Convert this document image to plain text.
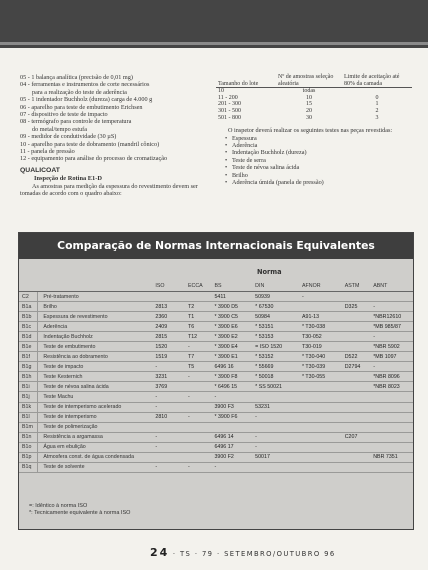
05 - 1 balança analítica (precisão de 0,01 mg)
04 - ferramentas e instrumentos de corte necessários
para a realização do teste de aderência
05 - 1 indentador Buchholz (dureza) carga de 4.000 g
06 - aparelho para teste de embutimento Erichsen
07 - dispositivo de teste de impacto
08 - termógrafo para controle de temperatura
do metal/tempo estufa
09 - medidor de condutividade (30 µS)
10 - aparelho para teste de dobramento (mandril cônico)
11 - panela de pressão
12 - equipamento para análise do processo de cromatização
QUALICOAT
Inspeção de Rotina E1-D
As amostras para medição da espessura do revestimento devem ser tomadas de acordo com o quadro abaixo:
Tamanho do lote	Nº de amostras seleção aleatória	Limite de aceitação até 80% da camada
10	todas	
11 - 200	10	0
201 - 300	15	1
301 - 500	20	2
501 - 800	30	3
O inspetor deverá realizar os seguintes testes nas peças revestidas:
• Espessura
• Aderência
• Indentação Buchholz (dureza)
• Teste de serra
• Teste de névoa salina ácida
• Brilho
• Aderência úmida (panela de pressão)
Comparação de Normas Internacionais Equivalentes
Norma
		ISO	ECCA	BS	DIN	AFNOR	ASTM	ABNT
C2	Pré-tratamento			5411	50939	-		
B1a	Brilho	2813	T2	* 3900 D5	* 67530		D325	-
B1b	Espessura de revestimento	2360	T1	* 3900 C5	50984	A91-13		*NBR12610
B1c	Aderência	2409	T6	* 3900 E6	* 53151	* T30-038		*MB 985/87
B1d	Indentação Buchholz	2815	T12	* 3900 E2	* 53153	T30-052		-
B1e	Teste de embutimento	1520	-	* 3900 E4	= ISO 1520	T30-019		*NBR 5902
B1f	Resistência ao dobramento	1519	T7	* 3900 E1	* 53152	* T30-040	D522	*MB 1097
B1g	Teste de impacto	-	T5	6496 16	* 55669	* T30-039	D2794	-
B1h	Teste Kesternich	3231	-	* 3900 F8	* 50018	* T30-055		*NBR 8096
B1i	Teste de névoa salina ácida	3769		* 6496 15	* SS 50021			*NBR 8023
B1j	Teste Machu	-	-	-				
B1k	Teste de intemperismo acelerado	-		3900 F3	53231			
B1l	Teste de intemperismo	2810	-	* 3900 F6	-			
B1m	Teste de polimerização							
B1n	Resistência a argamassa	-		6496 14	-		C207	
B1o	Água em ebulição	-		6496 17	-			
B1p	Atmosfera const. de água condensada			3900 F2	50017			NBR 7351
B1q	Teste de solvente	-	-	-				
=: Idêntico à norma ISO
*: Tecnicamente equivalente à norma ISO
24 · TS · 79 · SETEMBRO/OUTUBRO 96
